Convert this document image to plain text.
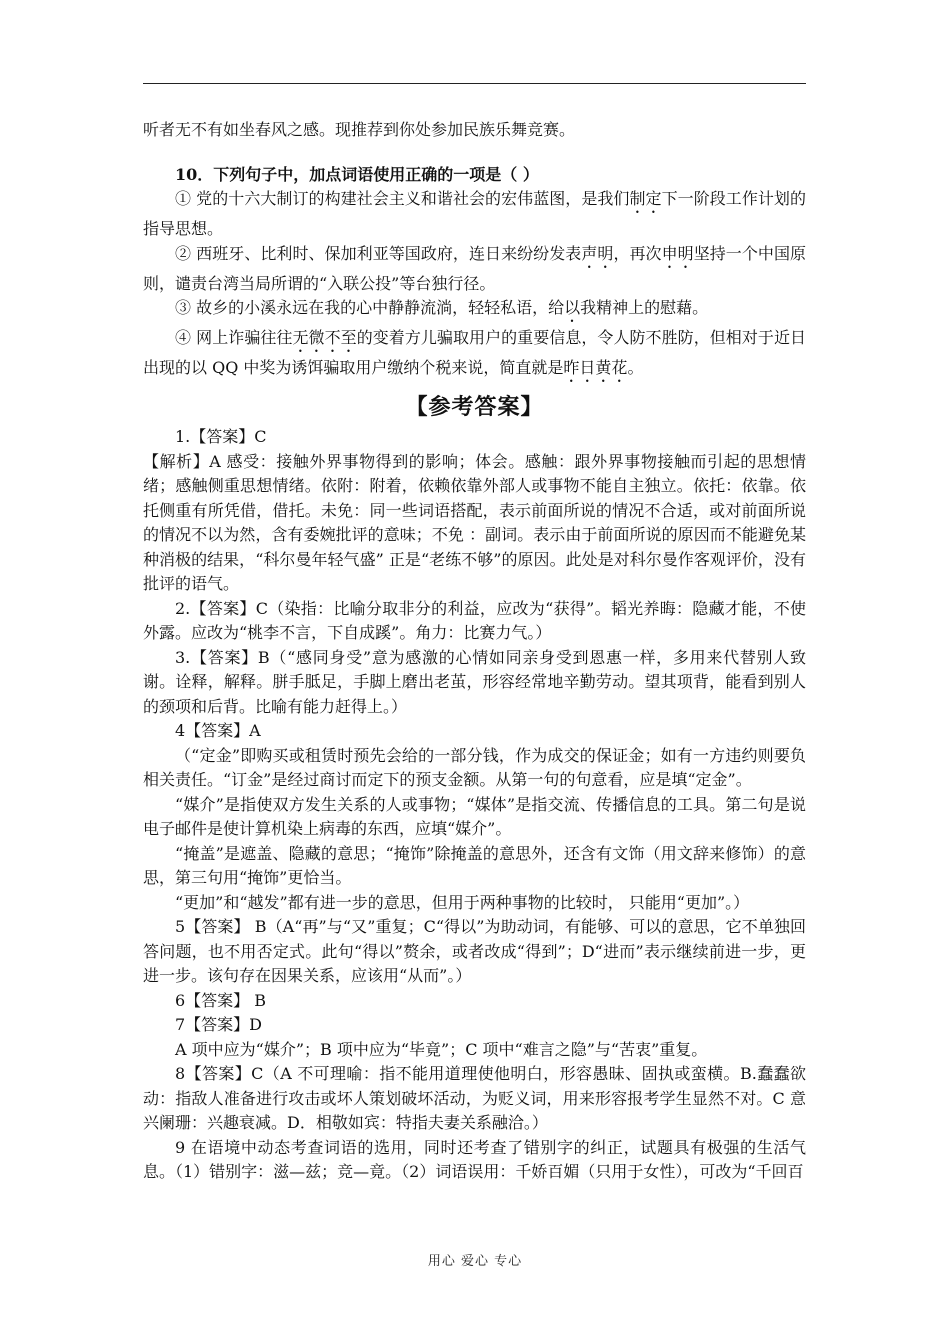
听者无不有如坐春风之感。现推荐到你处参加民族乐舞竞赛。

10．下列句子中，加点词语使用正确的一项是（ ）

① 党的十六大制订的构建社会主义和谐社会的宏伟蓝图，是我们制定下一阶段工作计划的指导思想。

② 西班牙、比利时、保加利亚等国政府，连日来纷纷发表声明，再次申明坚持一个中国原则，谴责台湾当局所谓的“入联公投”等台独行径。

③ 故乡的小溪永远在我的心中静静流淌，轻轻私语，给以我精神上的慰藉。

④ 网上诈骗往往无微不至的变着方儿骗取用户的重要信息，令人防不胜防，但相对于近日出现的以 QQ 中奖为诱饵骗取用户缴纳个税来说，简直就是昨日黄花。

【参考答案】

1.【答案】C

【解析】A 感受：接触外界事物得到的影响；体会。感触：跟外界事物接触而引起的思想情绪；感触侧重思想情绪。依附：附着，依赖依靠外部人或事物不能自主独立。依托：依靠。依托侧重有所凭借，借托。未免：同一些词语搭配，表示前面所说的情况不合适，或对前面所说的情况不以为然，含有委婉批评的意味；不免 ：副词。表示由于前面所说的原因而不能避免某种消极的结果，“科尔曼年轻气盛” 正是“老练不够”的原因。此处是对科尔曼作客观评价，没有批评的语气。

2.【答案】C（染指：比喻分取非分的利益，应改为“获得”。韬光养晦：隐藏才能，不使外露。应改为“桃李不言，下自成蹊”。角力：比赛力气。）

3.【答案】B（“感同身受”意为感激的心情如同亲身受到恩惠一样，多用来代替别人致谢。诠释，解释。胼手胝足，手脚上磨出老茧，形容经常地辛勤劳动。望其项背，能看到别人的颈项和后背。比喻有能力赶得上。）

4【答案】A

（“定金”即购买或租赁时预先会给的一部分钱，作为成交的保证金；如有一方违约则要负相关责任。“订金”是经过商讨而定下的预支金额。从第一句的句意看，应是填“定金”。

“媒介”是指使双方发生关系的人或事物；“媒体”是指交流、传播信息的工具。第二句是说电子邮件是使计算机染上病毒的东西，应填“媒介”。

“掩盖”是遮盖、隐藏的意思；“掩饰”除掩盖的意思外，还含有文饰（用文辞来修饰）的意思，第三句用“掩饰”更恰当。

“更加”和“越发”都有进一步的意思，但用于两种事物的比较时， 只能用“更加”。）

5【答案】 B（A“再”与“又”重复；C“得以”为助动词，有能够、可以的意思，它不单独回答问题，也不用否定式。此句“得以”赘余，或者改成“得到”；D“进而”表示继续前进一步，更进一步。该句存在因果关系，应该用“从而”。）

6【答案】 B

7【答案】D

A 项中应为“媒介”；B 项中应为“毕竟”；C 项中“难言之隐”与“苦衷”重复。

8【答案】C（A 不可理喻：指不能用道理使他明白，形容愚昧、固执或蛮横。B.蠢蠢欲动：指敌人准备进行攻击或坏人策划破坏活动，为贬义词，用来形容报考学生显然不对。C 意兴阑珊：兴趣衰减。D．相敬如宾：特指夫妻关系融洽。）

9 在语境中动态考查词语的选用，同时还考查了错别字的纠正，试题具有极强的生活气息。（1）错别字：滋—兹；竞—竟。（2）词语误用：千娇百媚（只用于女性），可改为“千回百

用心 爱心 专心
